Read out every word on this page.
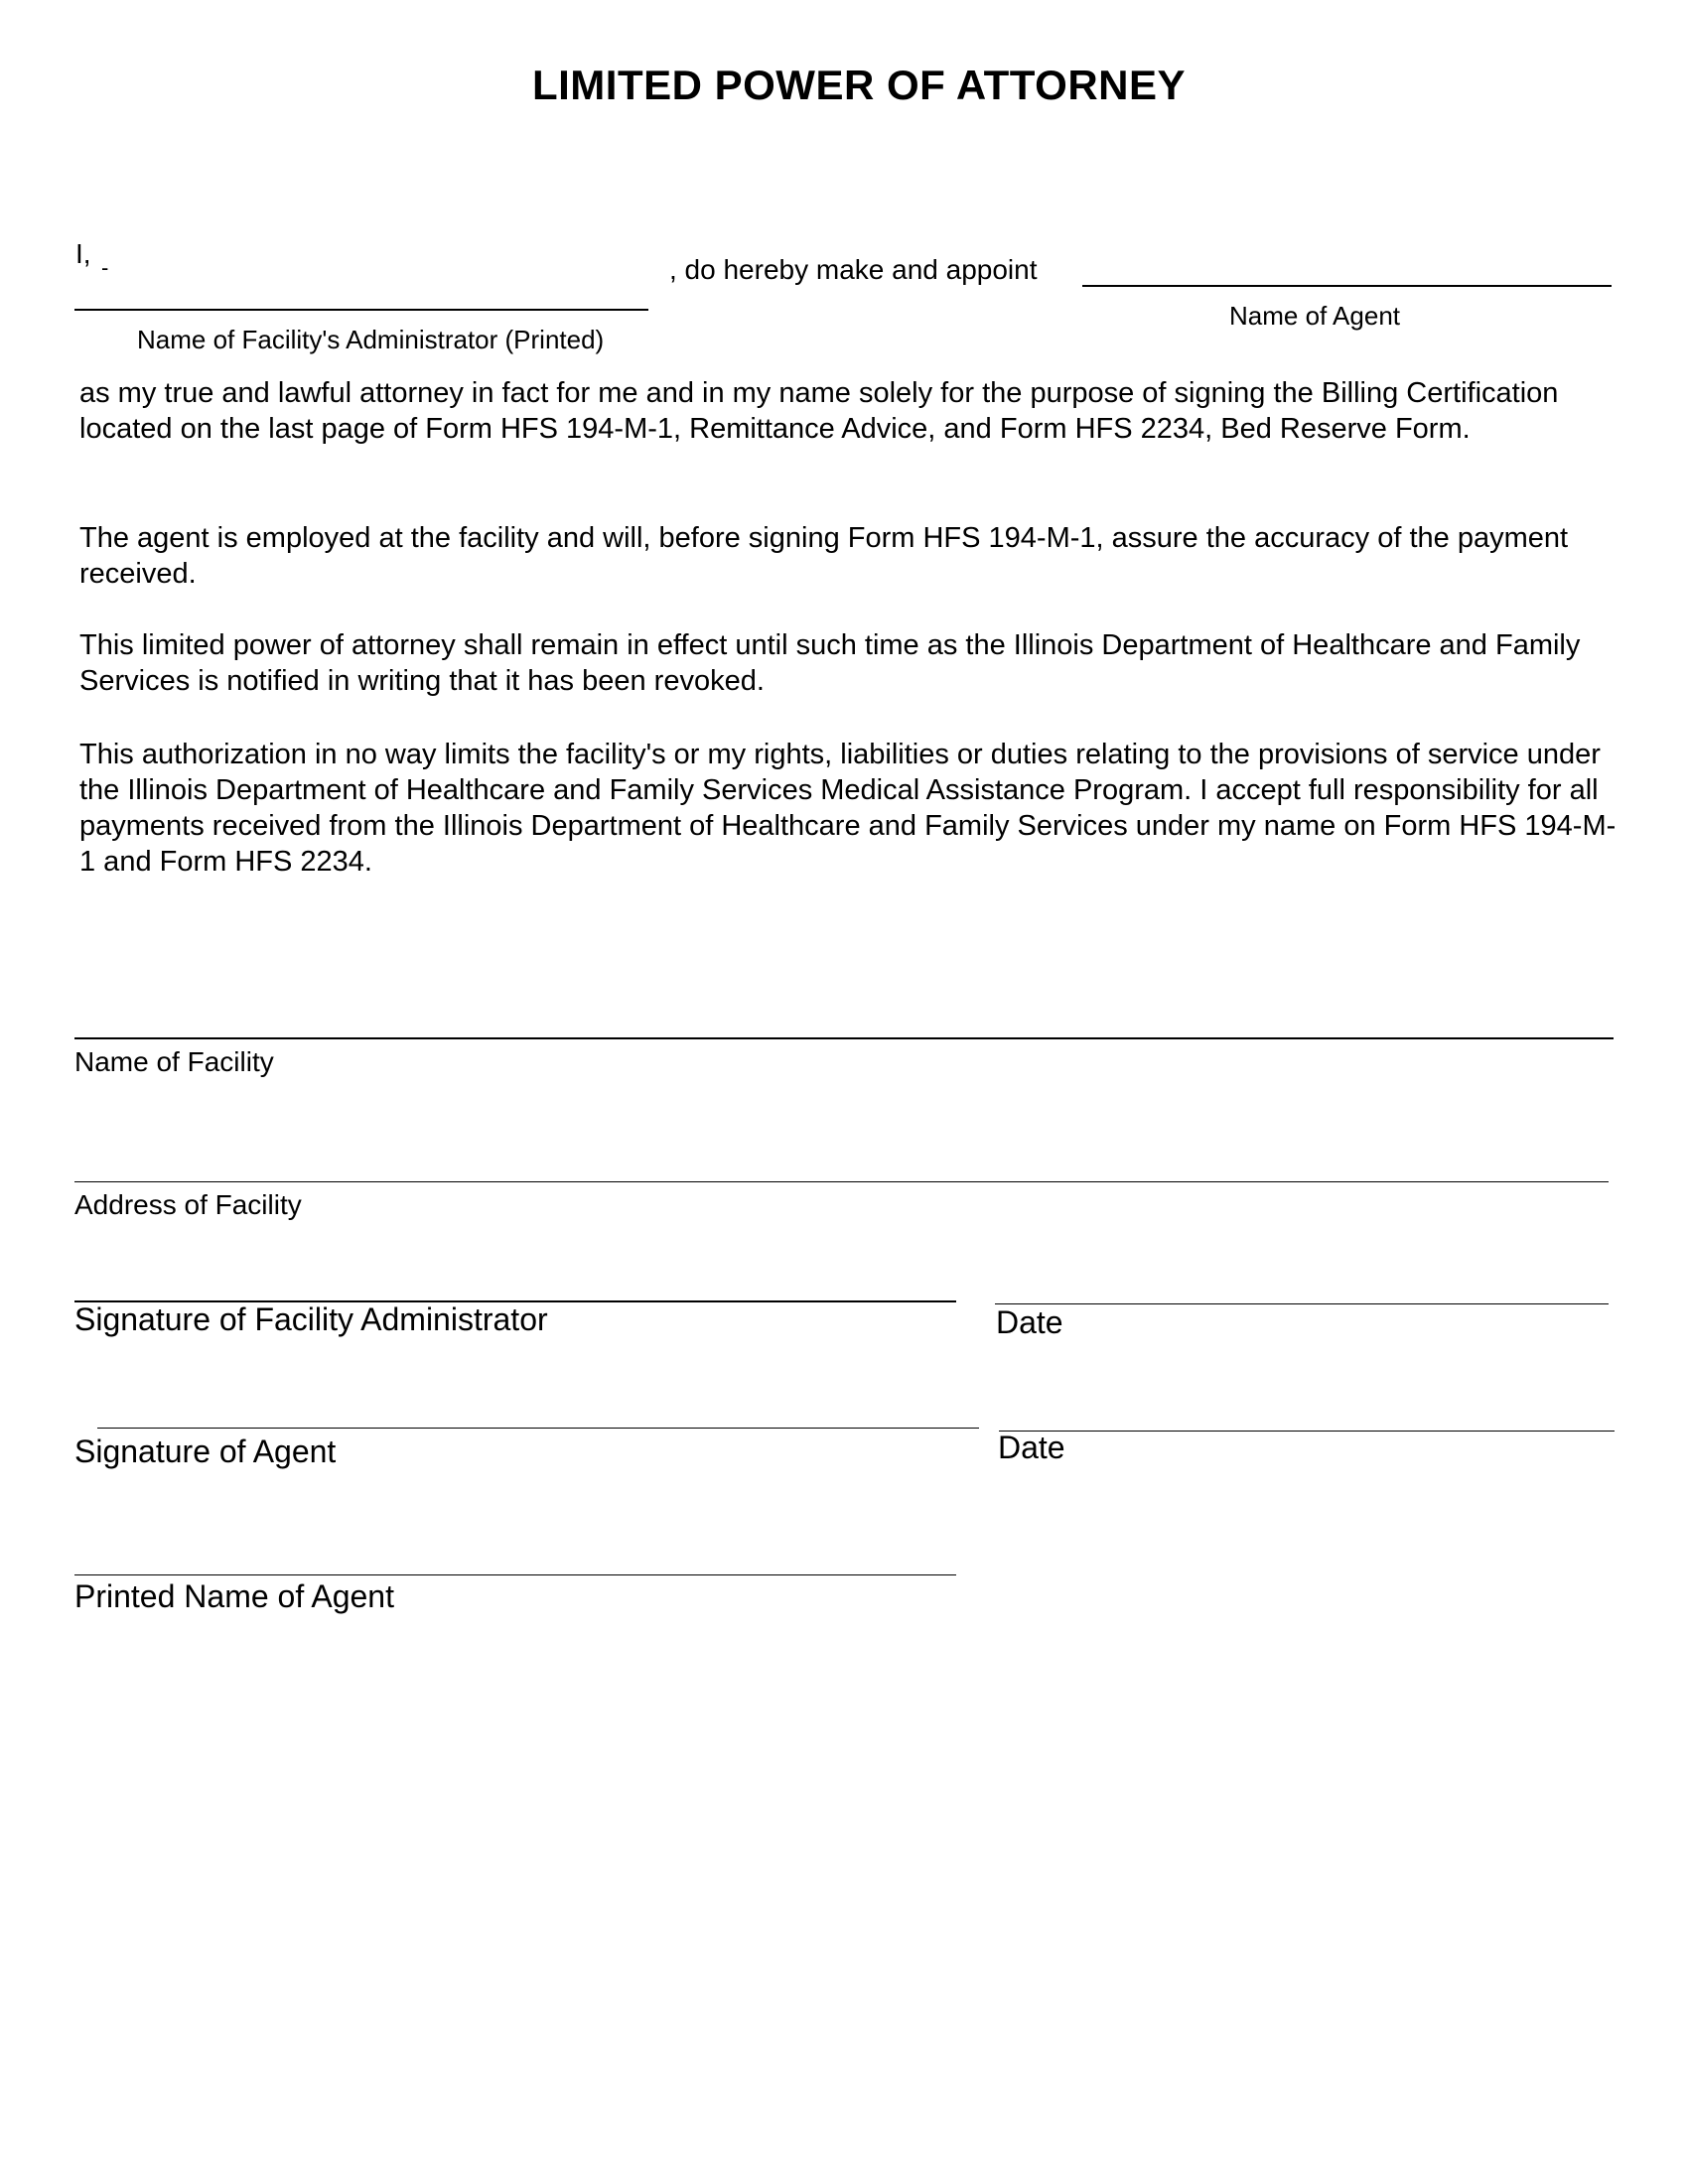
LIMITED POWER OF ATTORNEY
I, -
Name of Facility's Administrator (Printed)
, do hereby make and appoint
Name of Agent
as my true and lawful attorney in fact for me and in my name solely for the purpose of signing the Billing Certification located on the last page of Form HFS 194-M-1, Remittance Advice, and Form HFS 2234, Bed Reserve Form.
The agent is employed at the facility and will, before signing Form HFS 194-M-1, assure the accuracy of the payment received.
This limited power of attorney shall remain in effect until such time as the Illinois Department of Healthcare and Family Services is notified in writing that it has been revoked.
This authorization in no way limits the facility's or my rights, liabilities or duties relating to the provisions of service under the Illinois Department of Healthcare and Family Services Medical Assistance Program. I accept full responsibility for all payments received from the Illinois Department of Healthcare and Family Services under my name on Form HFS 194-M-1 and Form HFS 2234.
Name of Facility
Address of Facility
Signature of Facility Administrator	Date
Signature of Agent	Date
Printed Name of Agent
